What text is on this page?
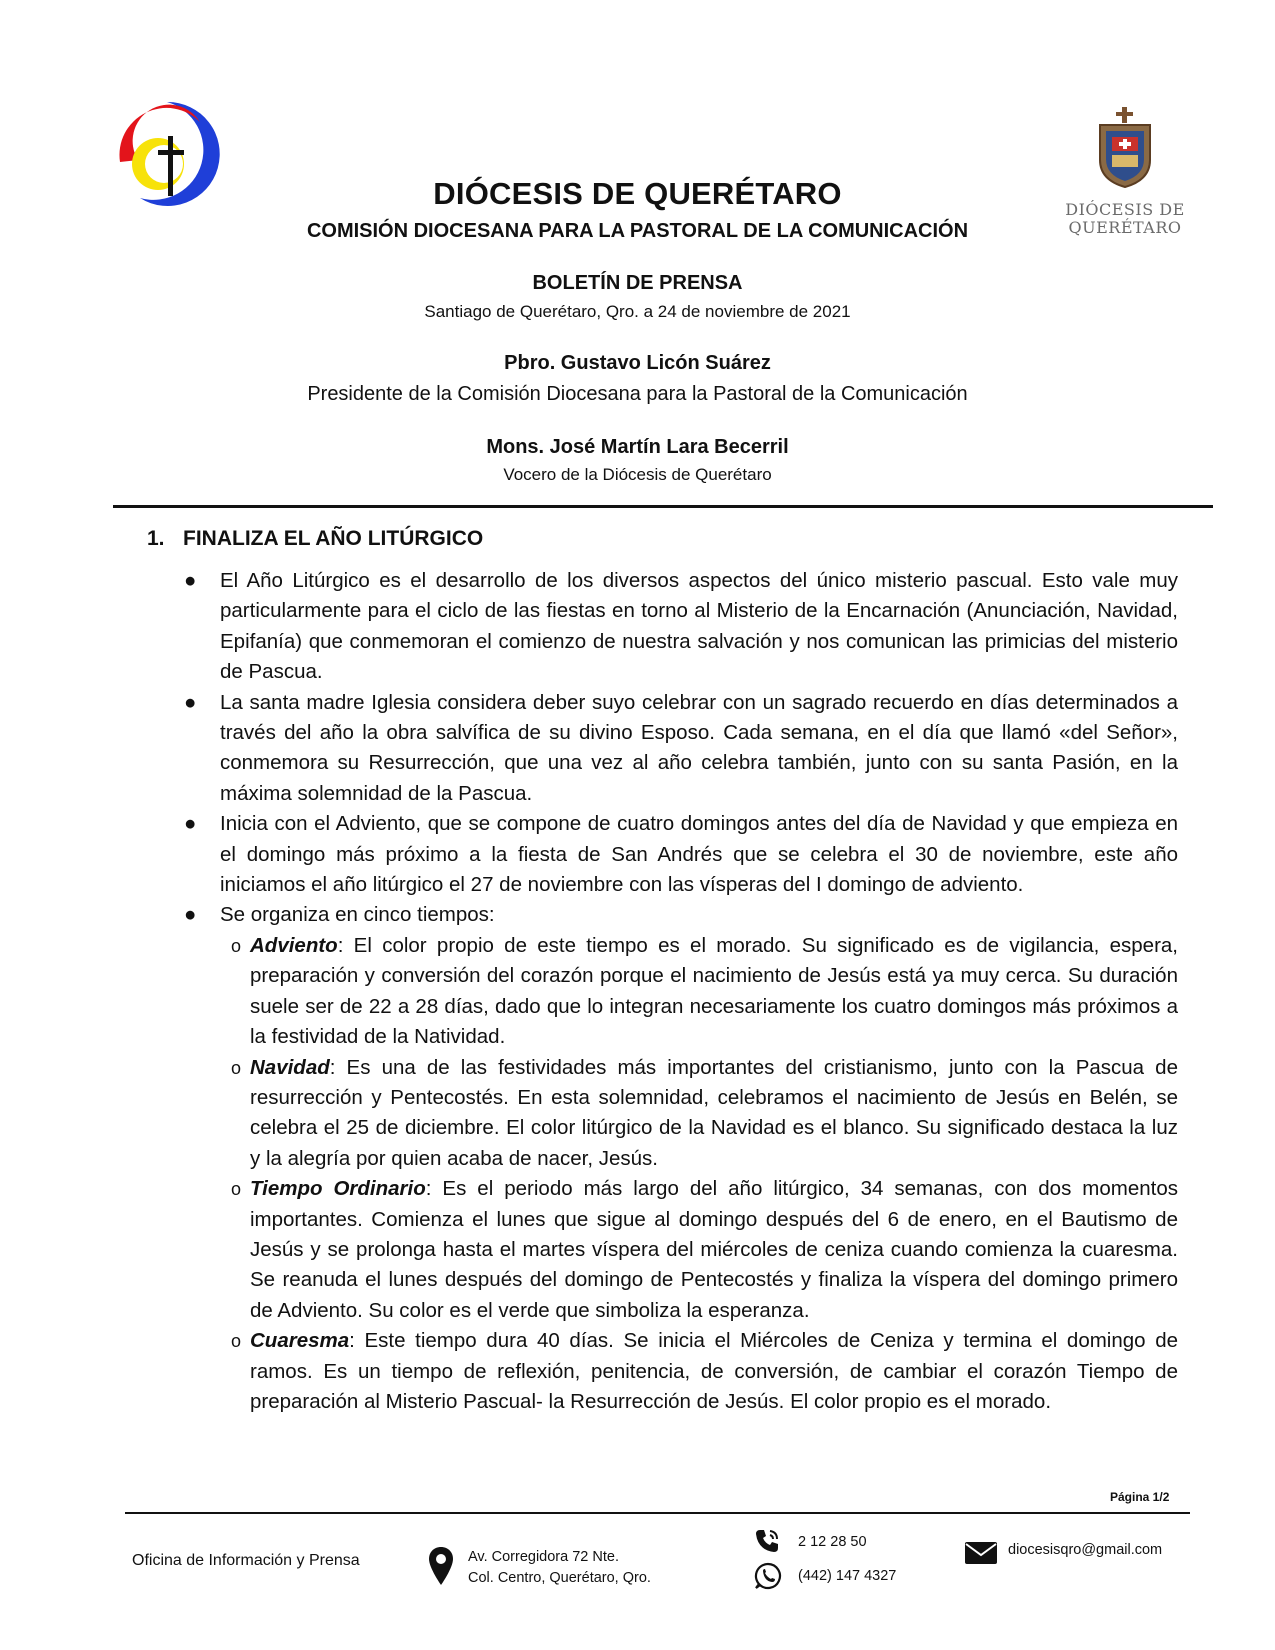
DIÓCESIS DE
QUERÉTARO
DIÓCESIS DE QUERÉTARO
COMISIÓN DIOCESANA PARA LA PASTORAL DE LA COMUNICACIÓN
BOLETÍN DE PRENSA
Santiago de Querétaro, Qro. a 24 de noviembre de 2021
Pbro. Gustavo Licón Suárez
Presidente de la Comisión Diocesana para la Pastoral de la Comunicación
Mons. José Martín Lara Becerril
Vocero de la Diócesis de Querétaro
1. FINALIZA EL AÑO LITÚRGICO
● El Año Litúrgico es el desarrollo de los diversos aspectos del único misterio pascual. Esto vale muy particularmente para el ciclo de las fiestas en torno al Misterio de la Encarnación (Anunciación, Navidad, Epifanía) que conmemoran el comienzo de nuestra salvación y nos comunican las primicias del misterio de Pascua.
● La santa madre Iglesia considera deber suyo celebrar con un sagrado recuerdo en días determinados a través del año la obra salvífica de su divino Esposo. Cada semana, en el día que llamó «del Señor», conmemora su Resurrección, que una vez al año celebra también, junto con su santa Pasión, en la máxima solemnidad de la Pascua.
● Inicia con el Adviento, que se compone de cuatro domingos antes del día de Navidad y que empieza en el domingo más próximo a la fiesta de San Andrés que se celebra el 30 de noviembre, este año iniciamos el año litúrgico el 27 de noviembre con las vísperas del I domingo de adviento.
● Se organiza en cinco tiempos:
o Adviento: El color propio de este tiempo es el morado. Su significado es de vigilancia, espera, preparación y conversión del corazón porque el nacimiento de Jesús está ya muy cerca. Su duración suele ser de 22 a 28 días, dado que lo integran necesariamente los cuatro domingos más próximos a la festividad de la Natividad.
o Navidad: Es una de las festividades más importantes del cristianismo, junto con la Pascua de resurrección y Pentecostés. En esta solemnidad, celebramos el nacimiento de Jesús en Belén, se celebra el 25 de diciembre. El color litúrgico de la Navidad es el blanco. Su significado destaca la luz y la alegría por quien acaba de nacer, Jesús.
o Tiempo Ordinario: Es el periodo más largo del año litúrgico, 34 semanas, con dos momentos importantes. Comienza el lunes que sigue al domingo después del 6 de enero, en el Bautismo de Jesús y se prolonga hasta el martes víspera del miércoles de ceniza cuando comienza la cuaresma. Se reanuda el lunes después del domingo de Pentecostés y finaliza la víspera del domingo primero de Adviento. Su color es el verde que simboliza la esperanza.
o Cuaresma: Este tiempo dura 40 días. Se inicia el Miércoles de Ceniza y termina el domingo de ramos. Es un tiempo de reflexión, penitencia, de conversión, de cambiar el corazón Tiempo de preparación al Misterio Pascual- la Resurrección de Jesús. El color propio es el morado.
Página 1/2
Oficina de Información y Prensa	Av. Corregidora 72 Nte.
Col. Centro, Querétaro, Qro.
2 12 28 50
(442) 147 4327
diocesisqro@gmail.com
